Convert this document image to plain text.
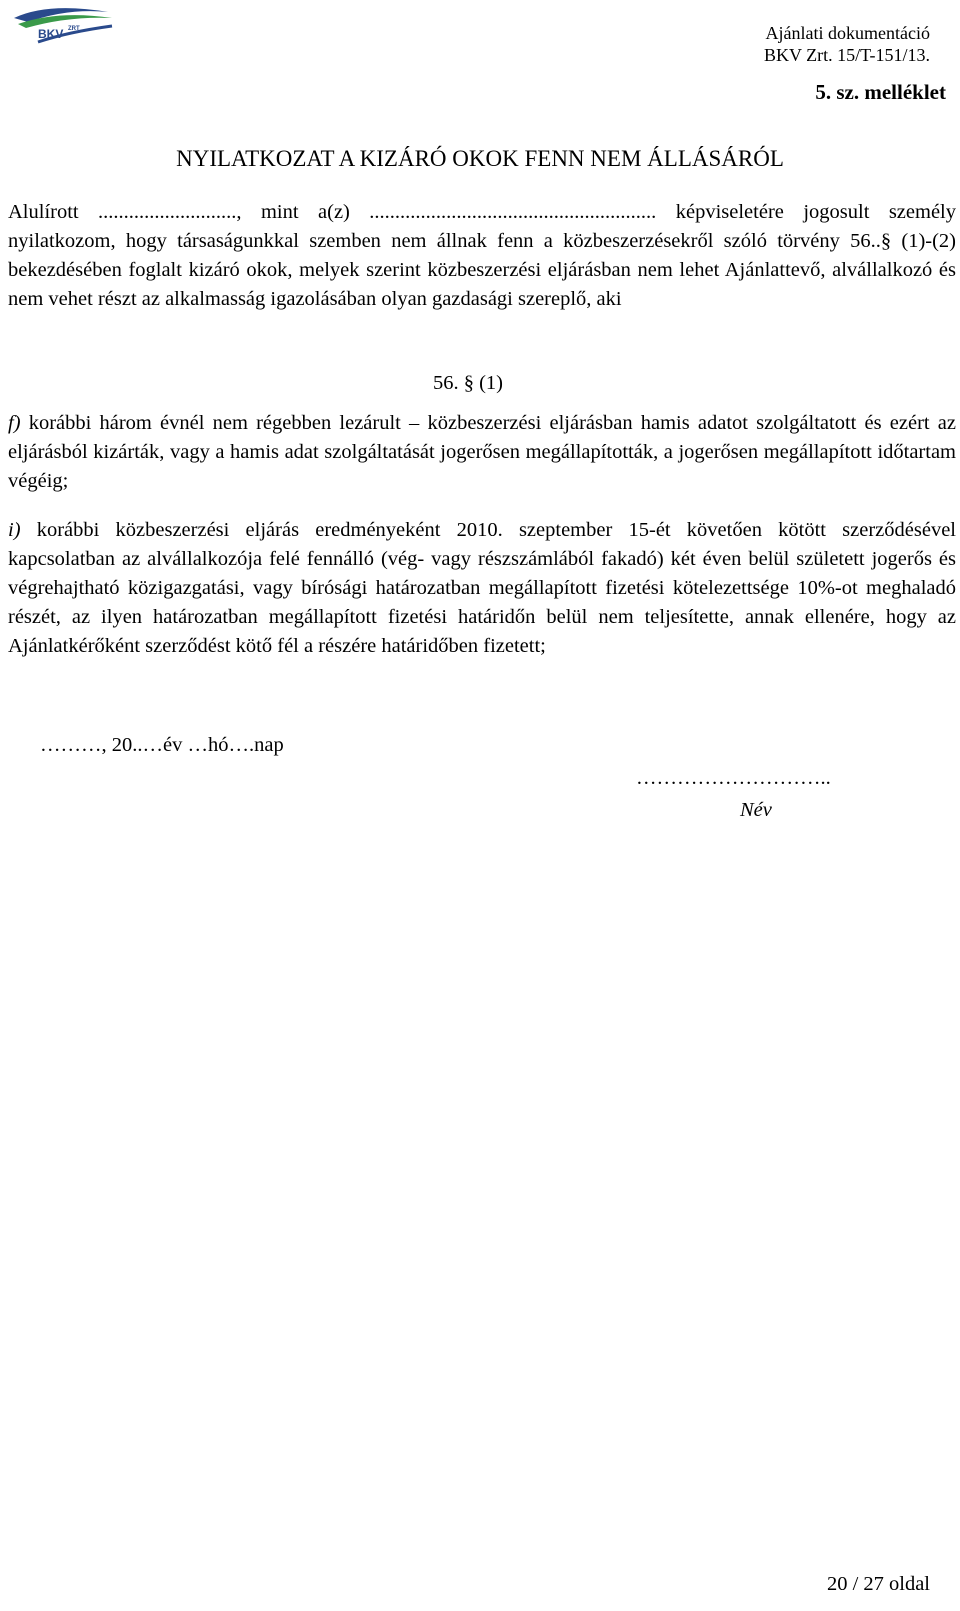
BKV ZRT	Ajánlati dokumentáció
BKV Zrt. 15/T-151/13.
5. sz. melléklet
NYILATKOZAT A KIZÁRÓ OKOK FENN NEM ÁLLÁSÁRÓL

Alulírott ..........................., mint a(z) ........................................................ képviseletére jogosult személy nyilatkozom, hogy társaságunkkal szemben nem állnak fenn a közbeszerzésekről szóló törvény 56..§ (1)-(2) bekezdésében foglalt kizáró okok, melyek szerint közbeszerzési eljárásban nem lehet Ajánlattevő, alvállalkozó és nem vehet részt az alkalmasság igazolásában olyan gazdasági szereplő, aki

56. § (1)

f) korábbi három évnél nem régebben lezárult – közbeszerzési eljárásban hamis adatot szolgáltatott és ezért az eljárásból kizárták, vagy a hamis adat szolgáltatását jogerősen megállapították, a jogerősen megállapított időtartam végéig;

i) korábbi közbeszerzési eljárás eredményeként 2010. szeptember 15-ét követően kötött szerződésével kapcsolatban az alvállalkozója felé fennálló (vég- vagy részszámlából fakadó) két éven belül született jogerős és végrehajtható közigazgatási, vagy bírósági határozatban megállapított fizetési kötelezettsége 10%-ot meghaladó részét, az ilyen határozatban megállapított fizetési határidőn belül nem teljesítette, annak ellenére, hogy az Ajánlatkérőként szerződést kötő fél a részére határidőben fizetett;

………, 20..…év …hó….nap
………………………..
Név
20 / 27 oldal
